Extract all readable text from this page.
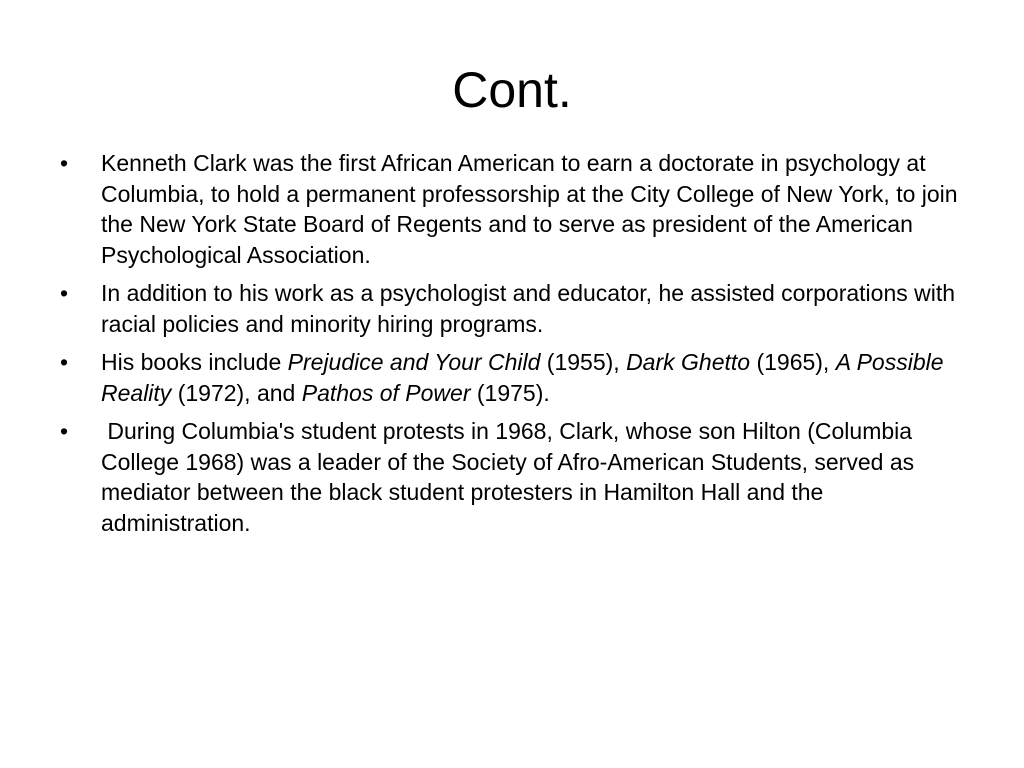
Cont.
• Kenneth Clark was the first African American to earn a doctorate in psychology at Columbia, to hold a permanent professorship at the City College of New York, to join the New York State Board of Regents and to serve as president of the American Psychological Association.
• In addition to his work as a psychologist and educator, he assisted corporations with racial policies and minority hiring programs.
• His books include Prejudice and Your Child (1955), Dark Ghetto (1965), A Possible Reality (1972), and Pathos of Power (1975).
• During Columbia's student protests in 1968, Clark, whose son Hilton (Columbia College 1968) was a leader of the Society of Afro-American Students, served as mediator between the black student protesters in Hamilton Hall and the administration.
